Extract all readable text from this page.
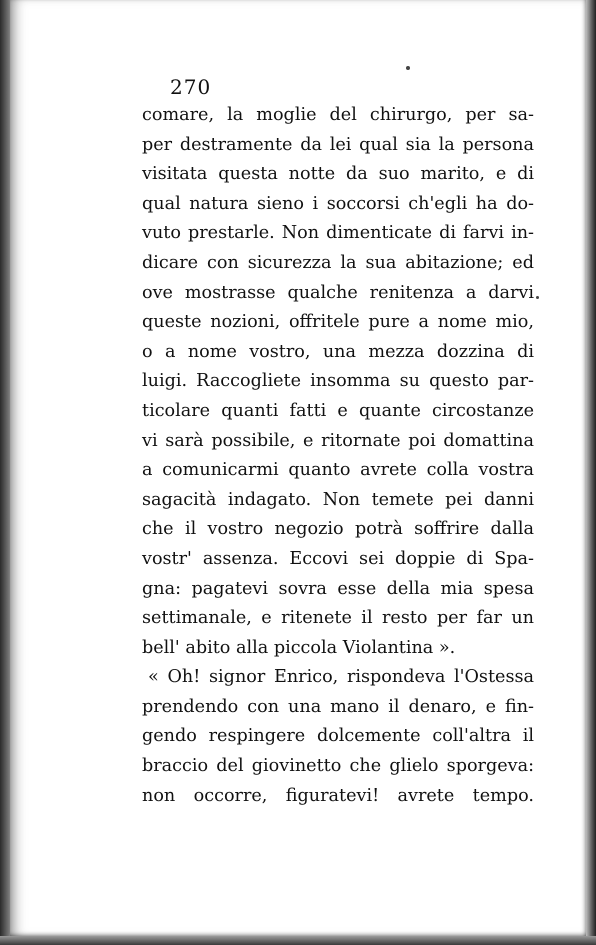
270
comare, la moglie del chirurgo, per sa-
per destramente da lei qual sia la persona
visitata questa notte da suo marito, e di
qual natura sieno i soccorsi ch'egli ha do-
vuto prestarle. Non dimenticate di farvi in-
dicare con sicurezza la sua abitazione; ed
ove mostrasse qualche renitenza a darvi
queste nozioni, offritele pure a nome mio,
o a nome vostro, una mezza dozzina di
luigi. Raccogliete insomma su questo par-
ticolare quanti fatti e quante circostanze
vi sarà possibile, e ritornate poi domattina
a comunicarmi quanto avrete colla vostra
sagacità indagato. Non temete pei danni
che il vostro negozio potrà soffrire dalla
vostr' assenza. Eccovi sei doppie di Spa-
gna: pagatevi sovra esse della mia spesa
settimanale, e ritenete il resto per far un
bell' abito alla piccola Violantina ».
« Oh! signor Enrico, rispondeva l'Ostessa
prendendo con una mano il denaro, e fin-
gendo respingere dolcemente coll'altra il
braccio del giovinetto che glielo sporgeva:
non occorre, figuratevi! avrete tempo.
